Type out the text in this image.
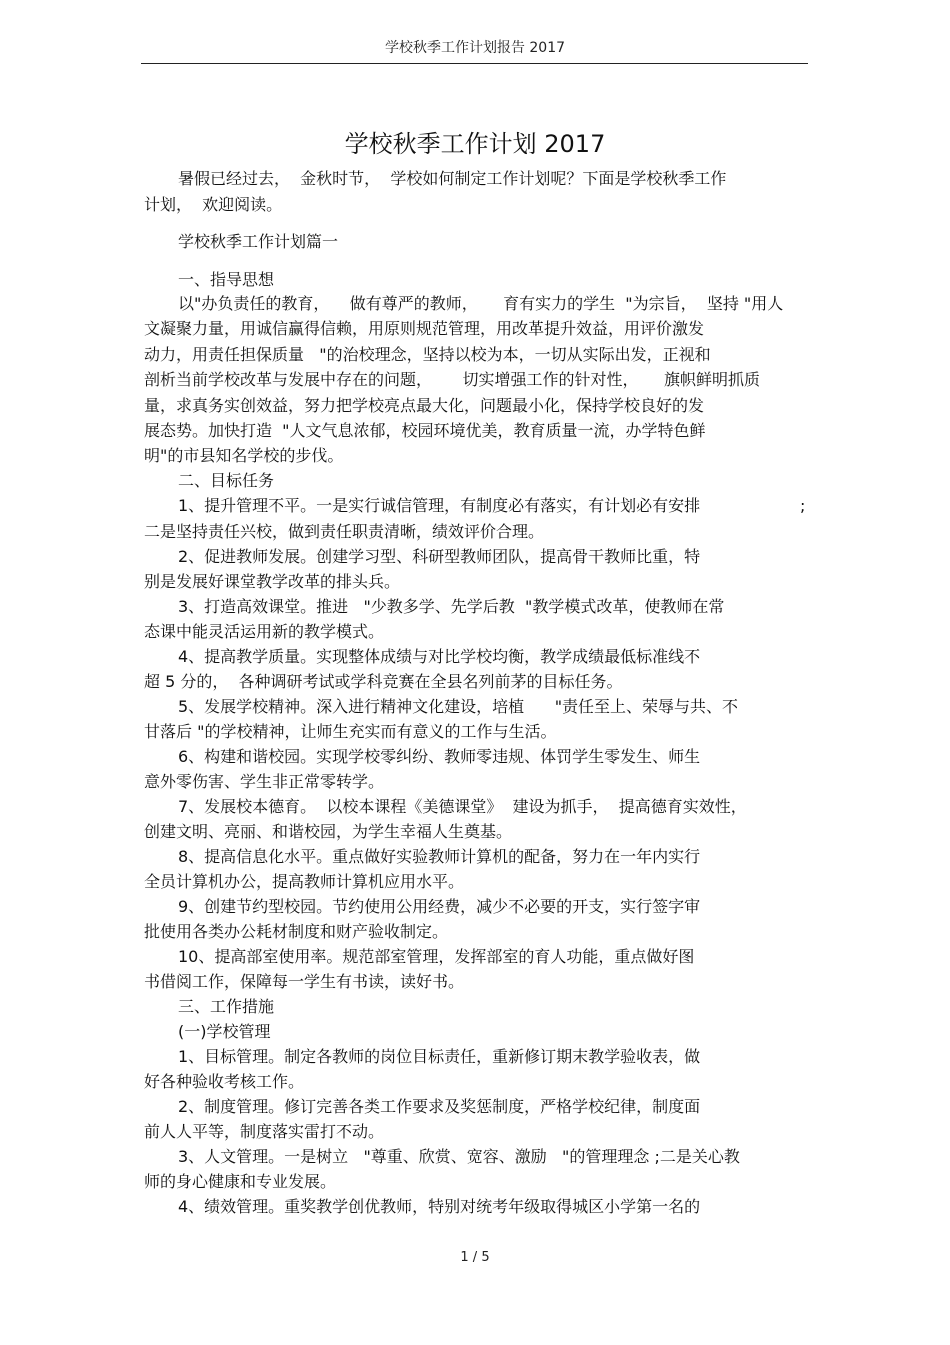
学校秋季工作计划报告 2017
学校秋季工作计划 2017
暑假已经过去，  金秋时节，  学校如何制定工作计划呢？下面是学校秋季工作
计划，  欢迎阅读。
学校秋季工作计划篇一
一、指导思想
以"办负责任的教育，    做有尊严的教师，     育有实力的学生  "为宗旨，  坚持 "用人
文凝聚力量，用诚信赢得信赖，用原则规范管理，用改革提升效益，用评价激发
动力，用责任担保质量   "的治校理念，坚持以校为本，一切从实际出发，正视和
剖析当前学校改革与发展中存在的问题，      切实增强工作的针对性，     旗帜鲜明抓质
量，求真务实创效益，努力把学校亮点最大化，问题最小化，保持学校良好的发
展态势。加快打造  "人文气息浓郁，校园环境优美，教育质量一流，办学特色鲜
明"的市县知名学校的步伐。
二、目标任务
1、提升管理不平。一是实行诚信管理，有制度必有落实，有计划必有安排	;
二是坚持责任兴校，做到责任职责清晰，绩效评价合理。
2、促进教师发展。创建学习型、科研型教师团队，提高骨干教师比重，特
别是发展好课堂教学改革的排头兵。
3、打造高效课堂。推进   "少教多学、先学后教  "教学模式改革，使教师在常
态课中能灵活运用新的教学模式。
4、提高教学质量。实现整体成绩与对比学校均衡，教学成绩最低标准线不
超 5 分的，  各种调研考试或学科竞赛在全县名列前茅的目标任务。
5、发展学校精神。深入进行精神文化建设，培植      "责任至上、荣辱与共、不
甘落后 "的学校精神，让师生充实而有意义的工作与生活。
6、构建和谐校园。实现学校零纠纷、教师零违规、体罚学生零发生、师生
意外零伤害、学生非正常零转学。
7、发展校本德育。  以校本课程《美德课堂》  建设为抓手，  提高德育实效性，
创建文明、亮丽、和谐校园，为学生幸福人生奠基。
8、提高信息化水平。重点做好实验教师计算机的配备，努力在一年内实行
全员计算机办公，提高教师计算机应用水平。
9、创建节约型校园。节约使用公用经费，减少不必要的开支，实行签字审
批使用各类办公耗材制度和财产验收制定。
10、提高部室使用率。规范部室管理，发挥部室的育人功能，重点做好图
书借阅工作，保障每一学生有书读，读好书。
三、工作措施
(一)学校管理
1、目标管理。制定各教师的岗位目标责任，重新修订期末教学验收表，做
好各种验收考核工作。
2、制度管理。修订完善各类工作要求及奖惩制度，严格学校纪律，制度面
前人人平等，制度落实雷打不动。
3、人文管理。一是树立   "尊重、欣赏、宽容、激励   "的管理理念 ;二是关心教
师的身心健康和专业发展。
4、绩效管理。重奖教学创优教师，特别对统考年级取得城区小学第一名的
1 / 5
